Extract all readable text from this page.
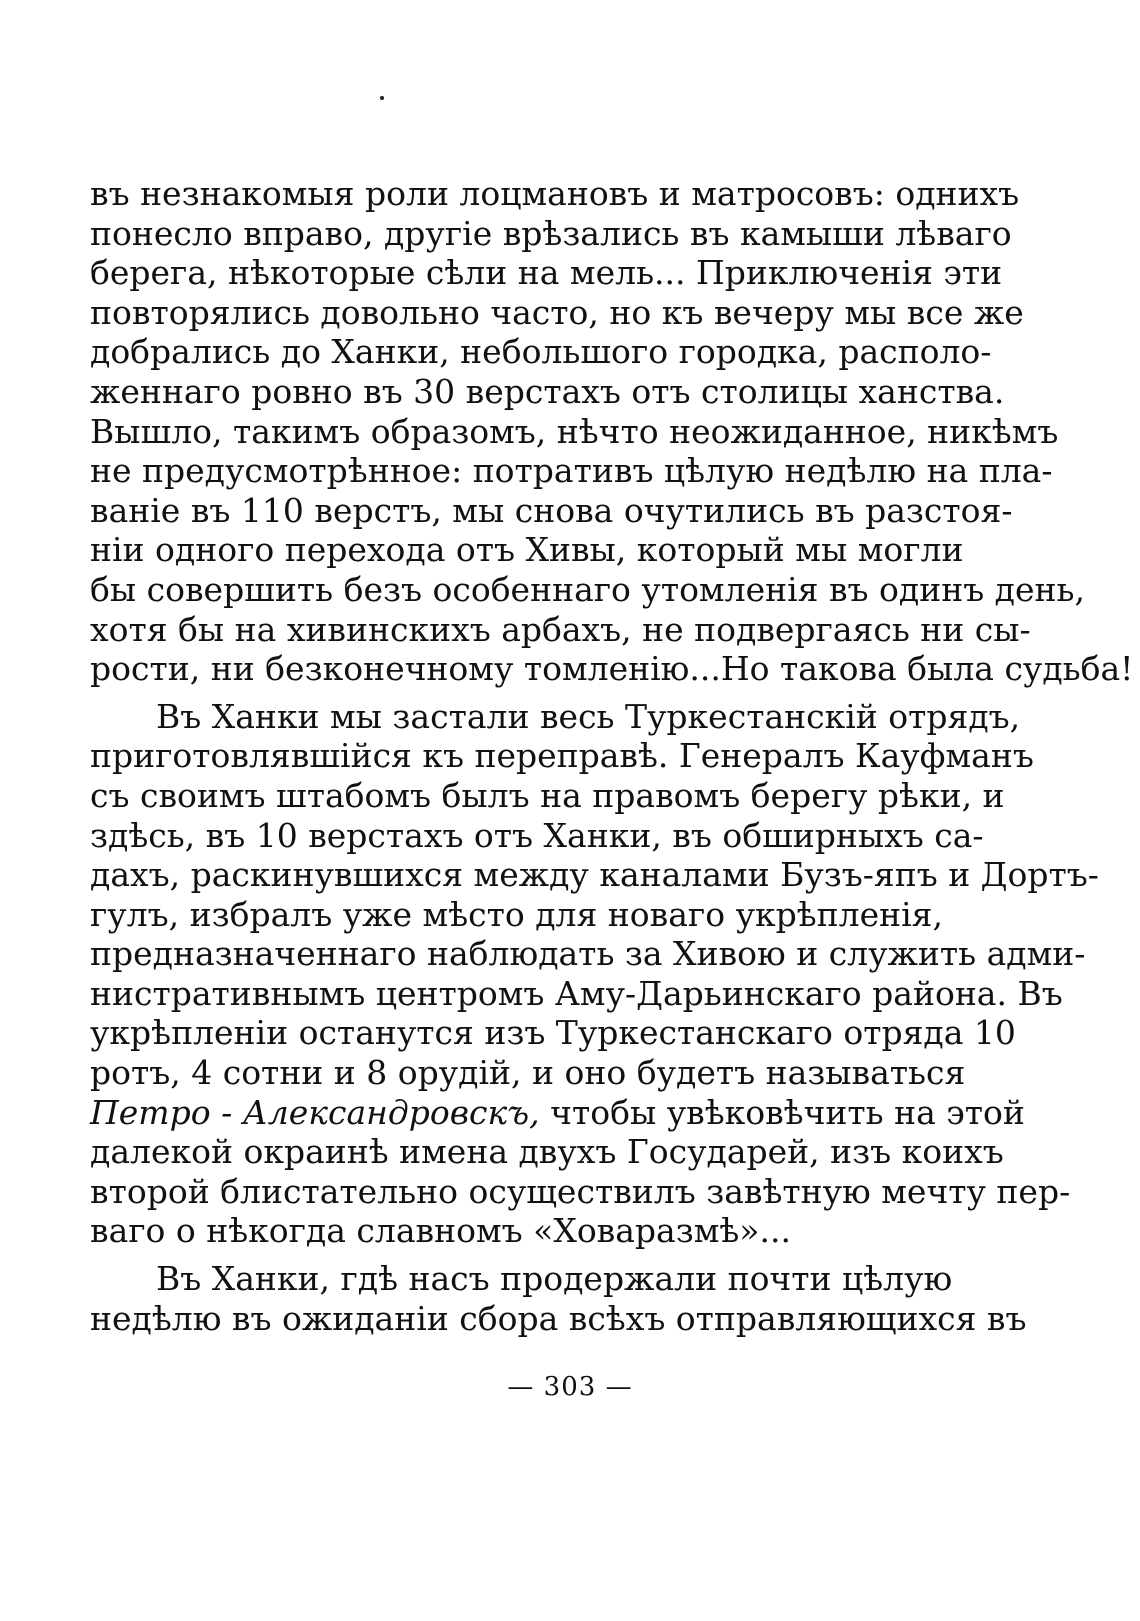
въ незнакомыя роли лоцмановъ и матросовъ: однихъ
понесло вправо, другіе врѣзались въ камыши лѣваго
берега, нѣкоторые сѣли на мель... Приключенія эти
повторялись довольно часто, но къ вечеру мы все же
добрались до Ханки, небольшого городка, располо-
женнаго ровно въ 30 верстахъ отъ столицы ханства.
Вышло, такимъ образомъ, нѣчто неожиданное, никѣмъ
не предусмотрѣнное: потративъ цѣлую недѣлю на пла-
ваніе въ 110 верстъ, мы снова очутились въ разстоя-
ніи одного перехода отъ Хивы, который мы могли
бы совершить безъ особеннаго утомленія въ одинъ день,
хотя бы на хивинскихъ арбахъ, не подвергаясь ни сы-
рости, ни безконечному томленію...Но такова была судьба!
Въ Ханки мы застали весь Туркестанскій отрядъ,
приготовлявшійся къ переправѣ. Генералъ Кауфманъ
съ своимъ штабомъ былъ на правомъ берегу рѣки, и
здѣсь, въ 10 верстахъ отъ Ханки, въ обширныхъ са-
дахъ, раскинувшихся между каналами Бузъ-япъ и Дортъ-
гулъ, избралъ уже мѣсто для новаго укрѣпленія,
предназначеннаго наблюдать за Хивою и служить адми-
нистративнымъ центромъ Аму-Дарьинскаго района. Въ
укрѣпленіи останутся изъ Туркестанскаго отряда 10
ротъ, 4 сотни и 8 орудій, и оно будетъ называться
Петро - Александровскъ, чтобы увѣковѣчить на этой
далекой окраинѣ имена двухъ Государей, изъ коихъ
второй блистательно осуществилъ завѣтную мечту пер-
ваго о нѣкогда славномъ «Ховаразмѣ»...
Въ Ханки, гдѣ насъ продержали почти цѣлую
недѣлю въ ожиданіи сбора всѣхъ отправляющихся въ
— 303 —
